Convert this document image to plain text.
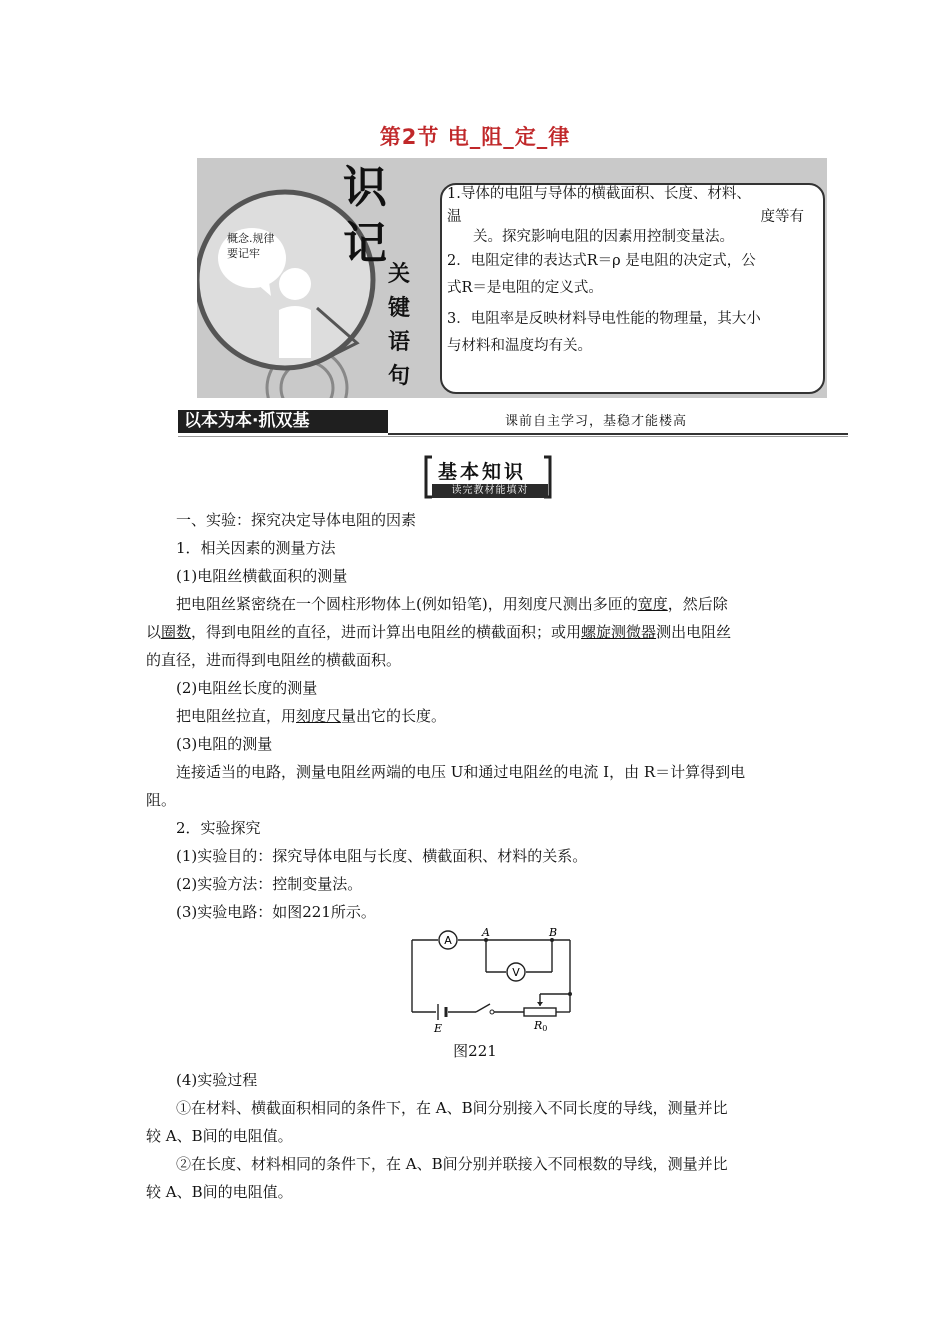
第2节 电_阻_定_律
概念.规律
要记牢
识
记
关
键
语
句

1.导体的电阻与导体的横截面积、长度、材料、

温	度等有

关。探究影响电阻的因素用控制变量法。

2．电阻定律的表达式R＝ρ 是电阻的决定式，公

式R＝是电阻的定义式。

3．电阻率是反映材料导电性能的物理量，其大小

与材料和温度均有关。

以本为本·抓双基	课前自主学习，基稳才能楼高
基本知识
读完教材能填对
一、实验：探究决定导体电阻的因素
1．相关因素的测量方法
(1)电阻丝横截面积的测量
把电阻丝紧密绕在一个圆柱形物体上(例如铅笔)，用刻度尺测出多匝的宽度，然后除
以圈数，得到电阻丝的直径，进而计算出电阻丝的横截面积；或用螺旋测微器测出电阻丝
的直径，进而得到电阻丝的横截面积。
(2)电阻丝长度的测量
把电阻丝拉直，用刻度尺量出它的长度。
(3)电阻的测量
连接适当的电路，测量电阻丝两端的电压 U和通过电阻丝的电流 I，由 R＝计算得到电
阻。
2．实验探究
(1)实验目的：探究导体电阻与长度、横截面积、材料的关系。
(2)实验方法：控制变量法。
(3)实验电路：如图221所示。
A
V
A	B
E	R0
图221
(4)实验过程
①在材料、横截面积相同的条件下，在 A、B间分别接入不同长度的导线，测量并比
较 A、B间的电阻值。
②在长度、材料相同的条件下，在 A、B间分别并联接入不同根数的导线，测量并比
较 A、B间的电阻值。
